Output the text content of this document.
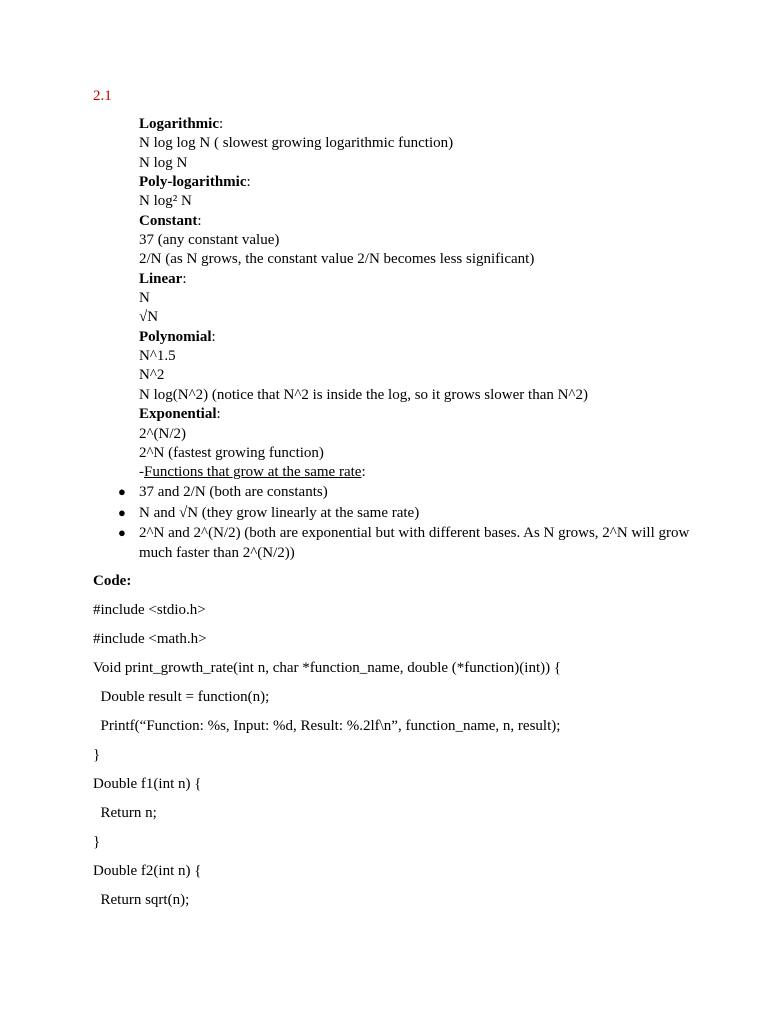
2.1
Logarithmic:
N log log N ( slowest growing logarithmic function)
N log N
Poly-logarithmic:
N log² N
Constant:
37 (any constant value)
2/N (as N grows, the constant value 2/N becomes less significant)
Linear:
N
√N
Polynomial:
N^1.5
N^2
N log(N^2) (notice that N^2 is inside the log, so it grows slower than N^2)
Exponential:
2^(N/2)
2^N (fastest growing function)
-Functions that grow at the same rate:
● 37 and 2/N (both are constants)
● N and √N (they grow linearly at the same rate)
● 2^N and 2^(N/2) (both are exponential but with different bases. As N grows, 2^N will grow much faster than 2^(N/2))
Code:
#include <stdio.h>
#include <math.h>
Void print_growth_rate(int n, char *function_name, double (*function)(int)) {
Double result = function(n);
Printf(“Function: %s, Input: %d, Result: %.2lf\n”, function_name, n, result);
}
Double f1(int n) {
Return n;
}
Double f2(int n) {
Return sqrt(n);
